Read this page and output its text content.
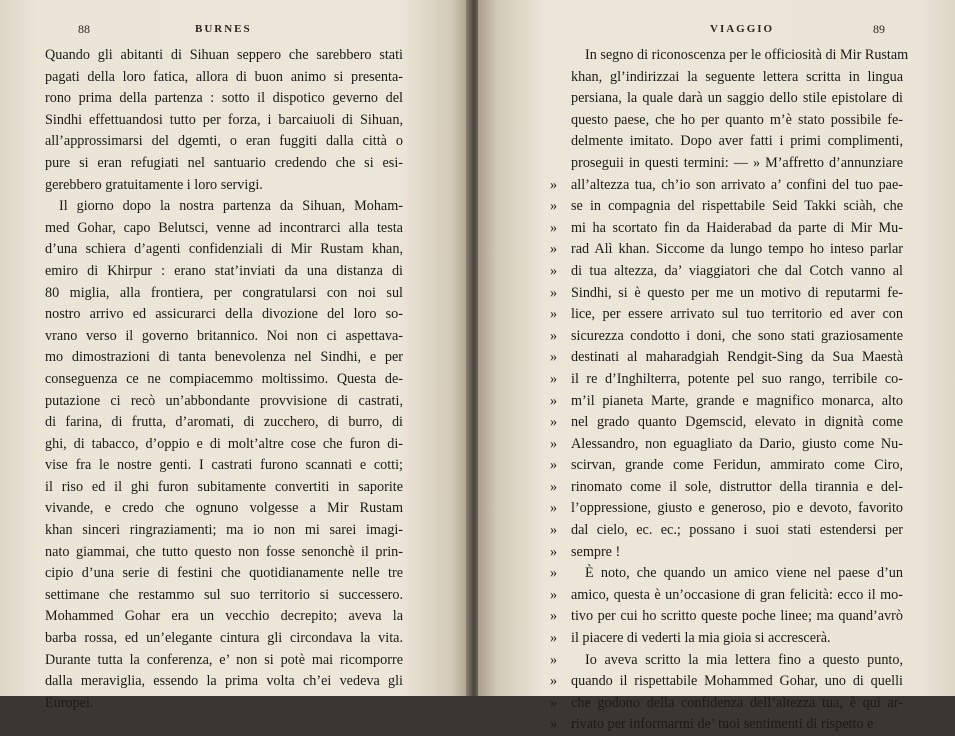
88	BURNES
Quando gli abitanti di Sihuan seppero che sarebbero stati
pagati della loro fatica, allora di buon animo si presenta-
rono prima della partenza : sotto il dispotico geverno del
Sindhi effettuandosi tutto per forza, i barcaiuoli di Sihuan,
all’approssimarsi del dgemti, o eran fuggiti dalla città o
pure si eran refugiati nel santuario credendo che si esi-
gerebbero gratuitamente i loro servigi.
Il giorno dopo la nostra partenza da Sihuan, Moham-
med Gohar, capo Belutsci, venne ad incontrarci alla testa
d’una schiera d’agenti confidenziali di Mir Rustam khan,
emiro di Khirpur : erano stat’inviati da una distanza di
80 miglia, alla frontiera, per congratularsi con noi sul
nostro arrivo ed assicurarci della divozione del loro so-
vrano verso il governo britannico. Noi non ci aspettava-
mo dimostrazioni di tanta benevolenza nel Sindhi, e per
conseguenza ce ne compiacemmo moltissimo. Questa de-
putazione ci recò un’abbondante provvisione di castrati,
di farina, di frutta, d’aromati, di zucchero, di burro, di
ghi, di tabacco, d’oppio e di molt’altre cose che furon di-
vise fra le nostre genti. I castrati furono scannati e cotti;
il riso ed il ghi furon subitamente convertiti in saporite
vivande, e credo che ognuno volgesse a Mir Rustam
khan sinceri ringraziamenti; ma io non mi sarei imagi-
nato giammai, che tutto questo non fosse senonchè il prin-
cipio d’una serie di festini che quotidianamente nelle tre
settimane che restammo sul suo territorio si successero.
Mohammed Gohar era un vecchio decrepito; aveva la
barba rossa, ed un’elegante cintura gli circondava la vita.
Durante tutta la conferenza, e’ non si potè mai ricomporre
dalla meraviglia, essendo la prima volta ch’ei vedeva gli
Europei.
VIAGGIO	89
In segno di riconoscenza per le officiosità di Mir Rustam
khan, gl’indirizzai la seguente lettera scritta in lingua
persiana, la quale darà un saggio dello stile epistolare di
questo paese, che ho per quanto m’è stato possibile fe-
delmente imitato. Dopo aver fatti i primi complimenti,
proseguii in questi termini: — » M’affretto d’annunziare
» all’altezza tua, ch’io son arrivato a’ confini del tuo pae-
» se in compagnia del rispettabile Seid Takki sciàh, che
» mi ha scortato fin da Haiderabad da parte di Mir Mu-
» rad Alì khan. Siccome da lungo tempo ho inteso parlar
» di tua altezza, da’ viaggiatori che dal Cotch vanno al
» Sindhi, si è questo per me un motivo di reputarmi fe-
» lice, per essere arrivato sul tuo territorio ed aver con
» sicurezza condotto i doni, che sono stati graziosamente
» destinati al maharadgiah Rendgit-Sing da Sua Maestà
» il re d’Inghilterra, potente pel suo rango, terribile co-
» m’il pianeta Marte, grande e magnifico monarca, alto
» nel grado quanto Dgemscid, elevato in dignità come
» Alessandro, non eguagliato da Dario, giusto come Nu-
» scirvan, grande come Feridun, ammirato come Ciro,
» rinomato come il sole, distruttor della tirannia e del-
» l’oppressione, giusto e generoso, pio e devoto, favorito
» dal cielo, ec. ec.; possano i suoi stati estendersi per
» sempre !
»	È noto, che quando un amico viene nel paese d’un
» amico, questa è un’occasione di gran felicità: ecco il mo-
» tivo per cui ho scritto queste poche linee; ma quand’avrò
» il piacere di vederti la mia gioia si accrescerà.
»	Io aveva scritto la mia lettera fino a questo punto,
» quando il rispettabile Mohammed Gohar, uno di quelli
» che godono della confidenza dell’altezza tua, è qui ar-
» rivato per informarmi de’ tuoi sentimenti di rispetto e
